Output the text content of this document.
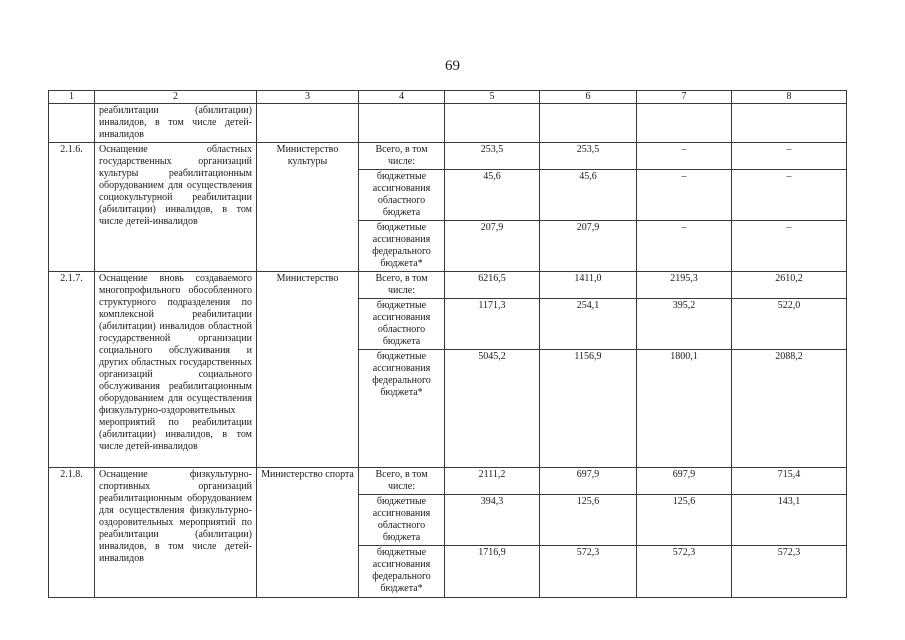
69
1	2	3	4	5	6	7	8
	реабилитации (абилитации) инвалидов, в том числе детей-инвалидов						
2.1.6.	Оснащение областных государственных организаций культуры реабилитационным оборудованием для осуществления социокультурной реабилитации (абилитации) инвалидов, в том числе детей-инвалидов	Министерство культуры	Всего, в том числе:	253,5	253,5	–	–
			бюджетные ассигнования областного бюджета	45,6	45,6	–	–
			бюджетные ассигнования федерального бюджета*	207,9	207,9	–	–
2.1.7.	Оснащение вновь создаваемого многопрофильного обособленного структурного подразделения по комплексной реабилитации (абилитации) инвалидов областной государственной организации социального обслуживания и других областных государственных организаций социального обслуживания реабилитационным оборудованием для осуществления физкультурно-оздоровительных мероприятий по реабилитации (абилитации) инвалидов, в том числе детей-инвалидов	Министерство	Всего, в том числе:	6216,5	1411,0	2195,3	2610,2
			бюджетные ассигнования областного бюджета	1171,3	254,1	395,2	522,0
			бюджетные ассигнования федерального бюджета*	5045,2	1156,9	1800,1	2088,2
2.1.8.	Оснащение физкультурно-спортивных организаций реабилитационным оборудованием для осуществления физкультурно-оздоровительных мероприятий по реабилитации (абилитации) инвалидов, в том числе детей-инвалидов	Министерство спорта	Всего, в том числе:	2111,2	697,9	697,9	715,4
			бюджетные ассигнования областного бюджета	394,3	125,6	125,6	143,1
			бюджетные ассигнования федерального бюджета*	1716,9	572,3	572,3	572,3
